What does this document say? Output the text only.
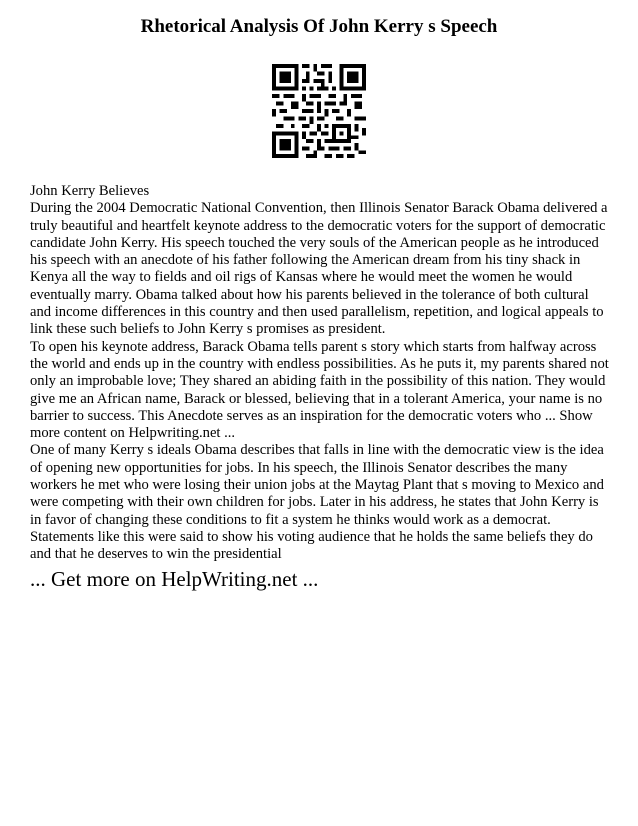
Rhetorical Analysis Of John Kerry s Speech

John Kerry Believes

During the 2004 Democratic National Convention, then Illinois Senator Barack Obama delivered a truly beautiful and heartfelt keynote address to the democratic voters for the support of democratic candidate John Kerry. His speech touched the very souls of the American people as he introduced his speech with an anecdote of his father following the American dream from his tiny shack in Kenya all the way to fields and oil rigs of Kansas where he would meet the women he would eventually marry. Obama talked about how his parents believed in the tolerance of both cultural and income differences in this country and then used parallelism, repetition, and logical appeals to link these such beliefs to John Kerry s promises as president.

To open his keynote address, Barack Obama tells parent s story which starts from halfway across the world and ends up in the country with endless possibilities. As he puts it, my parents shared not only an improbable love; They shared an abiding faith in the possibility of this nation. They would give me an African name, Barack or blessed, believing that in a tolerant America, your name is no barrier to success. This Anecdote serves as an inspiration for the democratic voters who ... Show more content on Helpwriting.net ...

One of many Kerry s ideals Obama describes that falls in line with the democratic view is the idea of opening new opportunities for jobs. In his speech, the Illinois Senator describes the many workers he met who were losing their union jobs at the Maytag Plant that s moving to Mexico and were competing with their own children for jobs. Later in his address, he states that John Kerry is in favor of changing these conditions to fit a system he thinks would work as a democrat. Statements like this were said to show his voting audience that he holds the same beliefs they do and that he deserves to win the presidential

... Get more on HelpWriting.net ...
